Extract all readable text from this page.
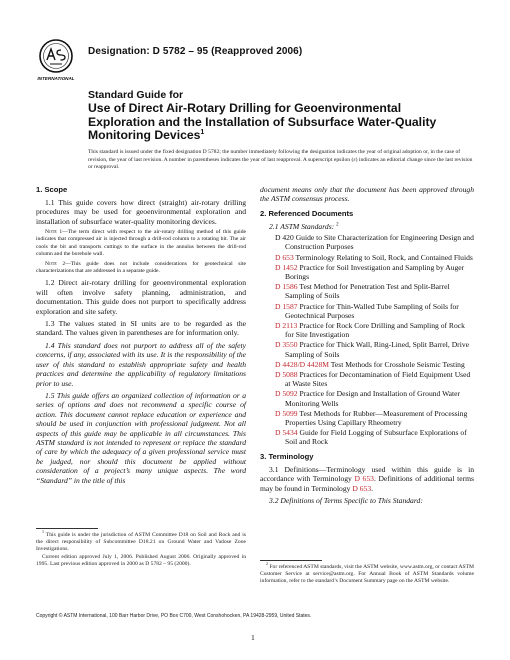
INTERNATIONAL
Designation: D 5782 – 95 (Reapproved 2006)
Standard Guide for
Use of Direct Air-Rotary Drilling for Geoenvironmental Exploration and the Installation of Subsurface Water-Quality Monitoring Devices$^1$
This standard is issued under the fixed designation D 5782; the number immediately following the designation indicates the year of original adoption or, in the case of revision, the year of last revision. A number in parentheses indicates the year of last reapproval. A superscript epsilon (ε) indicates an editorial change since the last revision or reapproval.
1. Scope

1.1 This guide covers how direct (straight) air-rotary drilling procedures may be used for geoenvironmental exploration and installation of subsurface water-quality monitoring devices.

Note 1—The term direct with respect to the air-rotary drilling method of this guide indicates that compressed air is injected through a drill-rod column to a rotating bit. The air cools the bit and transports cuttings to the surface in the annulus between the drill-rod column and the borehole wall.

Note 2—This guide does not include considerations for geotechnical site characterizations that are addressed in a separate guide.

1.2 Direct air-rotary drilling for geoenvironmental exploration will often involve safety planning, administration, and documentation. This guide does not purport to specifically address exploration and site safety.

1.3 The values stated in SI units are to be regarded as the standard. The values given in parentheses are for information only.

1.4 This standard does not purport to address all of the safety concerns, if any, associated with its use. It is the responsibility of the user of this standard to establish appropriate safety and health practices and determine the applicability of regulatory limitations prior to use.

1.5 This guide offers an organized collection of information or a series of options and does not recommend a specific course of action. This document cannot replace education or experience and should be used in conjunction with professional judgment. Not all aspects of this guide may be applicable in all circumstances. This ASTM standard is not intended to represent or replace the standard of care by which the adequacy of a given professional service must be judged, nor should this document be applied without consideration of a project’s many unique aspects. The word “Standard” in the title of this

document means only that the document has been approved through the ASTM consensus process.

2. Referenced Documents
2.1 ASTM Standards: $^2$
D 420 Guide to Site Characterization for Engineering Design and Construction Purposes
D 653 Terminology Relating to Soil, Rock, and Contained Fluids
D 1452 Practice for Soil Investigation and Sampling by Auger Borings
D 1586 Test Method for Penetration Test and Split-Barrel Sampling of Soils
D 1587 Practice for Thin-Walled Tube Sampling of Soils for Geotechnical Purposes
D 2113 Practice for Rock Core Drilling and Sampling of Rock for Site Investigation
D 3550 Practice for Thick Wall, Ring-Lined, Split Barrel, Drive Sampling of Soils
D 4428/D 4428M Test Methods for Crosshole Seismic Testing
D 5088 Practices for Decontamination of Field Equipment Used at Waste Sites
D 5092 Practice for Design and Installation of Ground Water Monitoring Wells
D 5099 Test Methods for Rubber—Measurement of Processing Properties Using Capillary Rheometry
D 5434 Guide for Field Logging of Subsurface Explorations of Soil and Rock
3. Terminology

3.1 Definitions—Terminology used within this guide is in accordance with Terminology D 653. Definitions of additional terms may be found in Terminology D 653.

3.2 Definitions of Terms Specific to This Standard:

$^1$ This guide is under the jurisdiction of ASTM Committee D18 on Soil and Rock and is the direct responsibility of Subcommittee D18.21 on Ground Water and Vadose Zone Investigations.

Current edition approved July 1, 2006. Published August 2006. Originally approved in 1995. Last previous edition approved in 2000 as D 5782 – 95 (2000).	$^2$ For referenced ASTM standards, visit the ASTM website, www.astm.org, or contact ASTM Customer Service at service@astm.org. For Annual Book of ASTM Standards volume information, refer to the standard’s Document Summary page on the ASTM website.

Copyright © ASTM International, 100 Barr Harbor Drive, PO Box C700, West Conshohocken, PA 19428-2959, United States.
1
